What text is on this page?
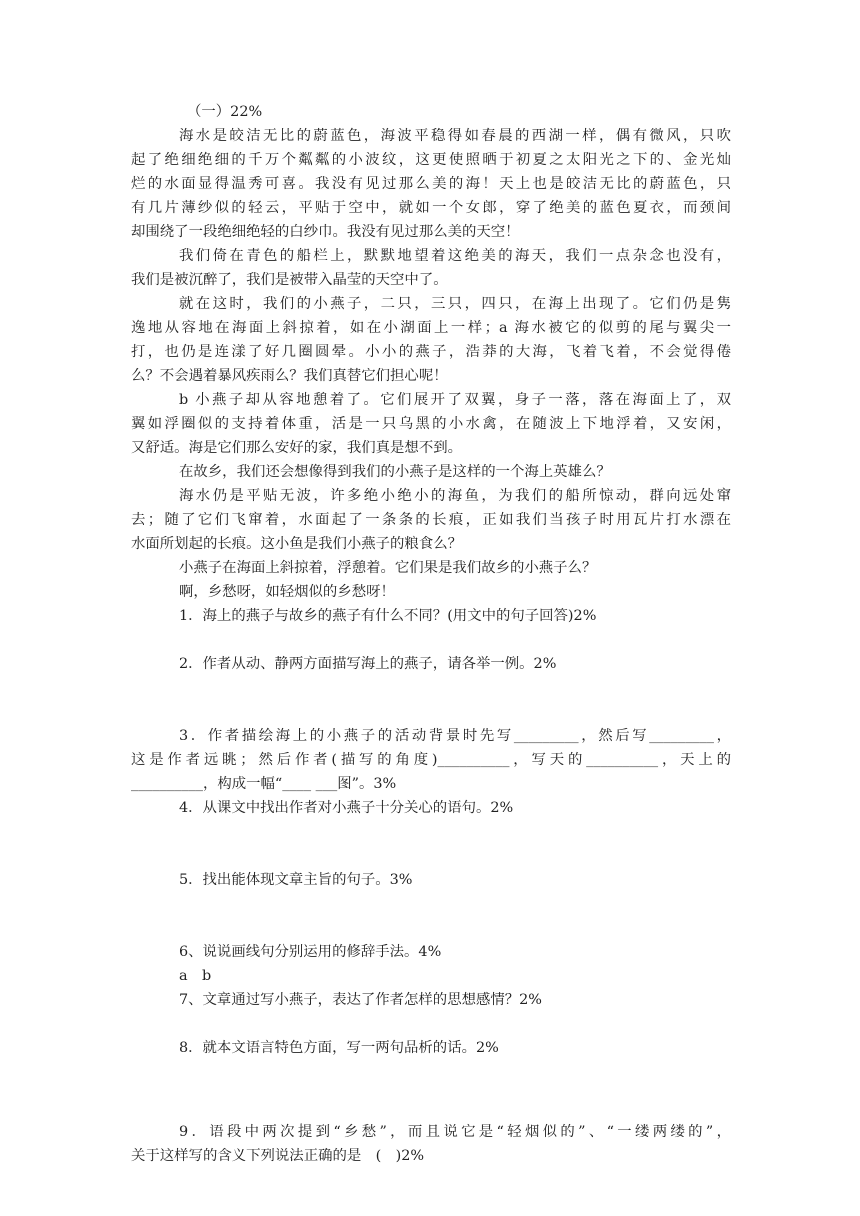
（一）22%
海水是皎洁无比的蔚蓝色，海波平稳得如春晨的西湖一样，偶有微风，只吹
起了绝细绝细的千万个粼粼的小波纹，这更使照晒于初夏之太阳光之下的、金光灿
烂的水面显得温秀可喜。我没有见过那么美的海！天上也是皎洁无比的蔚蓝色，只
有几片薄纱似的轻云，平贴于空中，就如一个女郎，穿了绝美的蓝色夏衣，而颈间
却围绕了一段绝细绝轻的白纱巾。我没有见过那么美的天空！
我们倚在青色的船栏上，默默地望着这绝美的海天，我们一点杂念也没有，
我们是被沉醉了，我们是被带入晶莹的天空中了。
就在这时，我们的小燕子，二只，三只，四只，在海上出现了。它们仍是隽
逸地从容地在海面上斜掠着，如在小湖面上一样；a 海水被它的似剪的尾与翼尖一
打，也仍是连漾了好几圈圆晕。小小的燕子，浩莽的大海，飞着飞着，不会觉得倦
么？不会遇着暴风疾雨么？我们真替它们担心呢！
b 小燕子却从容地憩着了。它们展开了双翼，身子一落，落在海面上了，双
翼如浮圈似的支持着体重，活是一只乌黑的小水禽，在随波上下地浮着，又安闲，
又舒适。海是它们那么安好的家，我们真是想不到。
在故乡，我们还会想像得到我们的小燕子是这样的一个海上英雄么？
海水仍是平贴无波，许多绝小绝小的海鱼，为我们的船所惊动，群向远处窜
去；随了它们飞窜着，水面起了一条条的长痕，正如我们当孩子时用瓦片打水漂在
水面所划起的长痕。这小鱼是我们小燕子的粮食么？
小燕子在海面上斜掠着，浮憩着。它们果是我们故乡的小燕子么？
啊，乡愁呀，如轻烟似的乡愁呀！
1．海上的燕子与故乡的燕子有什么不同？(用文中的句子回答)2%
2．作者从动、静两方面描写海上的燕子，请各举一例。2%
3．作者描绘海上的小燕子的活动背景时先写_________，然后写_________，
这是作者远眺；然后作者(描写的角度)__________，写天的__________，天上的
__________，构成一幅“____ ___图”。3%
4．从课文中找出作者对小燕子十分关心的语句。2%
5．找出能体现文章主旨的句子。3%
6、说说画线句分别运用的修辞手法。4%
a　b
7、文章通过写小燕子，表达了作者怎样的思想感情？2%
8．就本文语言特色方面，写一两句品析的话。2%
9．语段中两次提到“乡愁”，而且说它是“轻烟似的”、“一缕两缕的”，
关于这样写的含义下列说法正确的是　(　)2%
